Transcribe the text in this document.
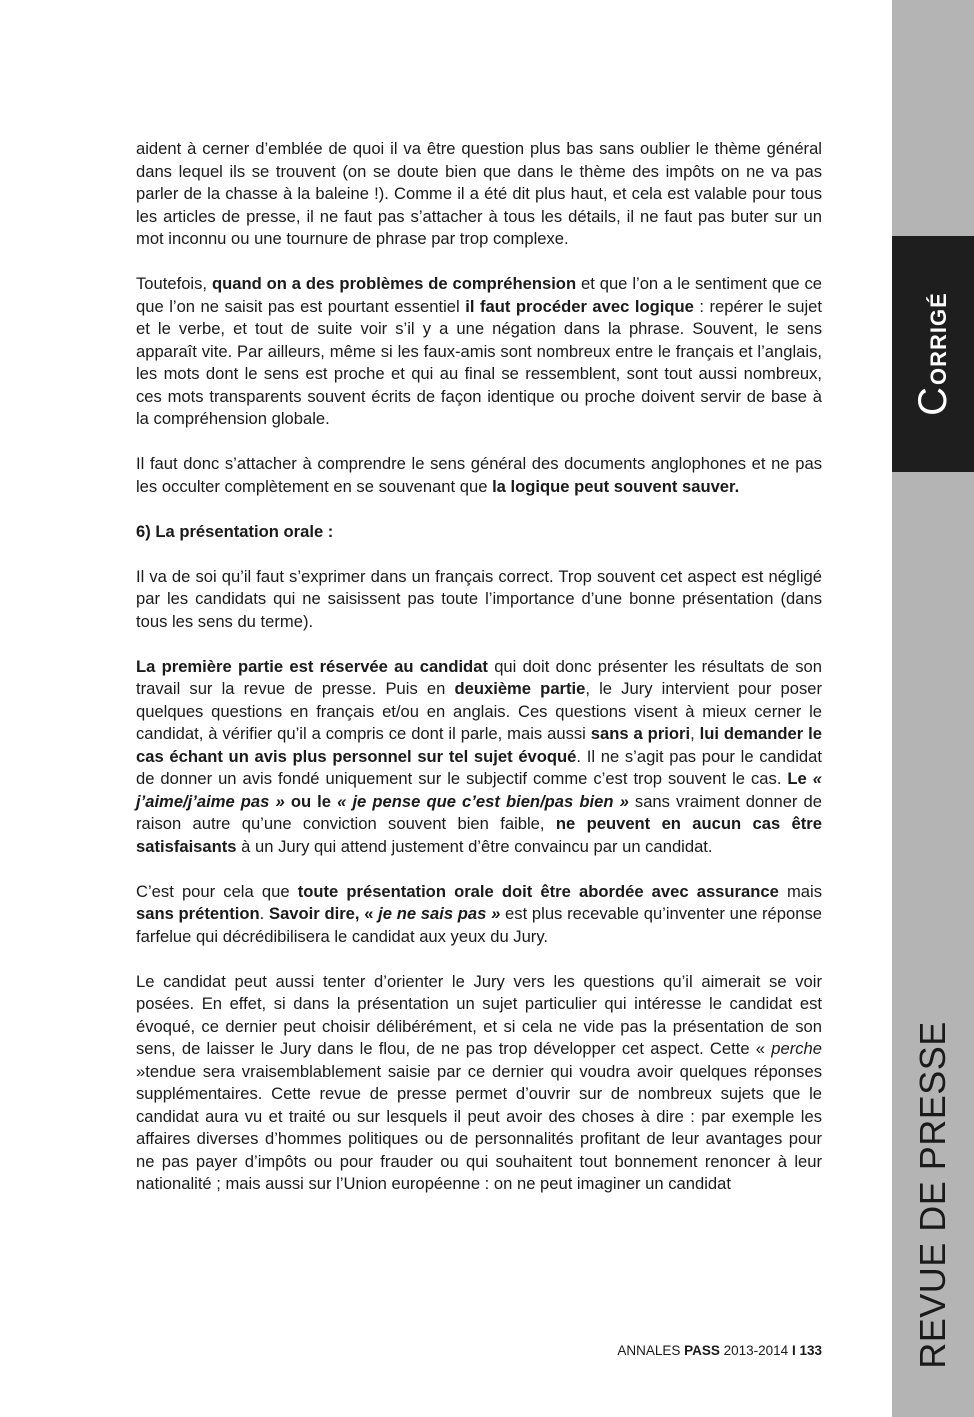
CORRIGÉ
REVUE DE PRESSE

aident à cerner d’emblée de quoi il va être question plus bas sans oublier le thème général dans lequel ils se trouvent (on se doute bien que dans le thème des impôts on ne va pas parler de la chasse à la baleine !). Comme il a été dit plus haut, et cela est valable pour tous les articles de presse, il ne faut pas s’attacher à tous les détails, il ne faut pas buter sur un mot inconnu ou une tournure de phrase par trop complexe.

Toutefois, quand on a des problèmes de compréhension et que l’on a le sentiment que ce que l’on ne saisit pas est pourtant essentiel il faut procéder avec logique : repérer le sujet et le verbe, et tout de suite voir s’il y a une négation dans la phrase. Souvent, le sens apparaît vite. Par ailleurs, même si les faux-amis sont nombreux entre le français et l’anglais, les mots dont le sens est proche et qui au final se ressemblent, sont tout aussi nombreux, ces mots transparents souvent écrits de façon identique ou proche doivent servir de base à la compréhension globale.

Il faut donc s’attacher à comprendre le sens général des documents anglophones et ne pas les occulter complètement en se souvenant que la logique peut souvent sauver.

6) La présentation orale :

Il va de soi qu’il faut s’exprimer dans un français correct. Trop souvent cet aspect est négligé par les candidats qui ne saisissent pas toute l’importance d’une bonne présentation (dans tous les sens du terme).

La première partie est réservée au candidat qui doit donc présenter les résultats de son travail sur la revue de presse. Puis en deuxième partie, le Jury intervient pour poser quelques questions en français et/ou en anglais. Ces questions visent à mieux cerner le candidat, à vérifier qu’il a compris ce dont il parle, mais aussi sans a priori, lui demander le cas échant un avis plus personnel sur tel sujet évoqué. Il ne s’agit pas pour le candidat de donner un avis fondé uniquement sur le subjectif comme c’est trop souvent le cas. Le « j’aime/j’aime pas » ou le « je pense que c’est bien/pas bien » sans vraiment donner de raison autre qu’une conviction souvent bien faible, ne peuvent en aucun cas être satisfaisants à un Jury qui attend justement d’être convaincu par un candidat.

C’est pour cela que toute présentation orale doit être abordée avec assurance mais sans prétention. Savoir dire, « je ne sais pas » est plus recevable qu’inventer une réponse farfelue qui décrédibilisera le candidat aux yeux du Jury.

Le candidat peut aussi tenter d’orienter le Jury vers les questions qu’il aimerait se voir posées. En effet, si dans la présentation un sujet particulier qui intéresse le candidat est évoqué, ce dernier peut choisir délibérément, et si cela ne vide pas la présentation de son sens, de laisser le Jury dans le flou, de ne pas trop développer cet aspect. Cette « perche »tendue sera vraisemblablement saisie par ce dernier qui voudra avoir quelques réponses supplémentaires. Cette revue de presse permet d’ouvrir sur de nombreux sujets que le candidat aura vu et traité ou sur lesquels il peut avoir des choses à dire : par exemple les affaires diverses d’hommes politiques ou de personnalités profitant de leur avantages pour ne pas payer d’impôts ou pour frauder ou qui souhaitent tout bonnement renoncer à leur nationalité ; mais aussi sur l’Union européenne : on ne peut imaginer un candidat

ANNALES PASS 2013-2014 I 133
